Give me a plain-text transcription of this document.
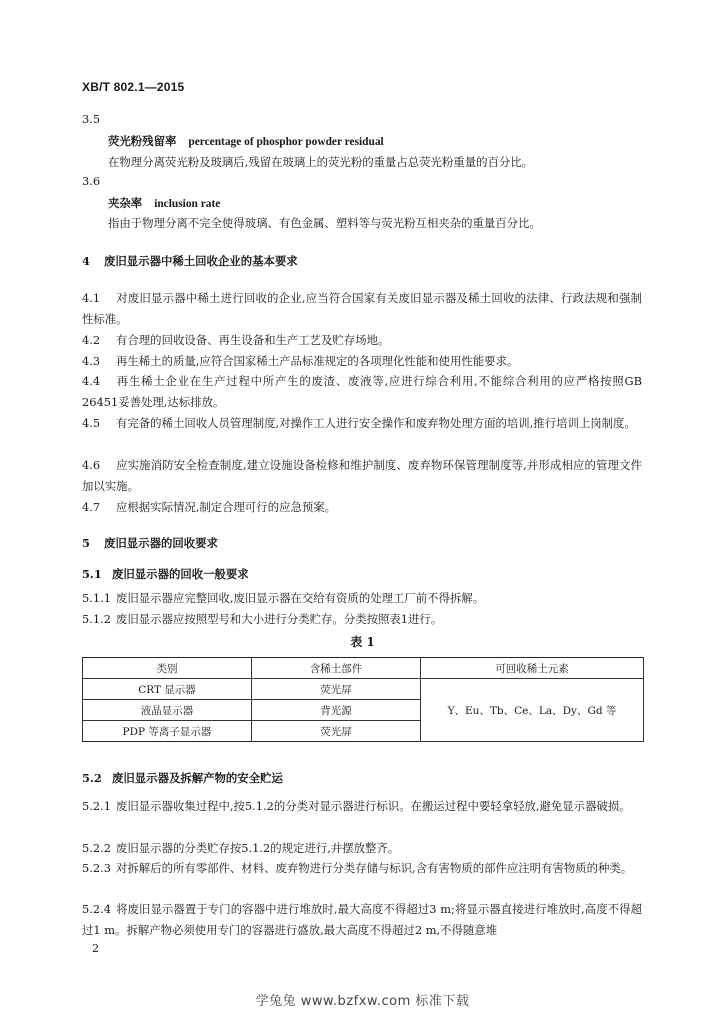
XB/T 802.1—2015
3.5
荧光粉残留率 percentage of phosphor powder residual
在物理分离荧光粉及玻璃后,残留在玻璃上的荧光粉的重量占总荧光粉重量的百分比。
3.6
夹杂率 inclusion rate
指由于物理分离不完全使得玻璃、有色金属、塑料等与荧光粉互相夹杂的重量百分比。
4 废旧显示器中稀土回收企业的基本要求
4.1 对废旧显示器中稀土进行回收的企业,应当符合国家有关废旧显示器及稀土回收的法律、行政法规和强制性标准。
4.2 有合理的回收设备、再生设备和生产工艺及贮存场地。
4.3 再生稀土的质量,应符合国家稀土产品标准规定的各项理化性能和使用性能要求。
4.4 再生稀土企业在生产过程中所产生的废渣、废液等,应进行综合利用,不能综合利用的应严格按照GB 26451妥善处理,达标排放。
4.5 有完备的稀土回收人员管理制度,对操作工人进行安全操作和废弃物处理方面的培训,推行培训上岗制度。
4.6 应实施消防安全检查制度,建立设施设备检修和维护制度、废弃物环保管理制度等,并形成相应的管理文件加以实施。
4.7 应根据实际情况,制定合理可行的应急预案。
5 废旧显示器的回收要求
5.1 废旧显示器的回收一般要求
5.1.1 废旧显示器应完整回收,废旧显示器在交给有资质的处理工厂前不得拆解。
5.1.2 废旧显示器应按照型号和大小进行分类贮存。分类按照表1进行。
表 1
类别	含稀土部件	可回收稀土元素
CRT 显示器	荧光屏	Y、Eu、Tb、Ce、La、Dy、Gd 等
液晶显示器	背光源	
PDP 等离子显示器	荧光屏	
5.2 废旧显示器及拆解产物的安全贮运
5.2.1 废旧显示器收集过程中,按5.1.2的分类对显示器进行标识。在搬运过程中要轻拿轻放,避免显示器破损。
5.2.2 废旧显示器的分类贮存按5.1.2的规定进行,并摆放整齐。
5.2.3 对拆解后的所有零部件、材料、废弃物进行分类存储与标识,含有害物质的部件应注明有害物质的种类。
5.2.4 将废旧显示器置于专门的容器中进行堆放时,最大高度不得超过3 m;将显示器直接进行堆放时,高度不得超过1 m。拆解产物必须使用专门的容器进行盛放,最大高度不得超过2 m,不得随意堆
2
学兔兔 www.bzfxw.com 标准下载
